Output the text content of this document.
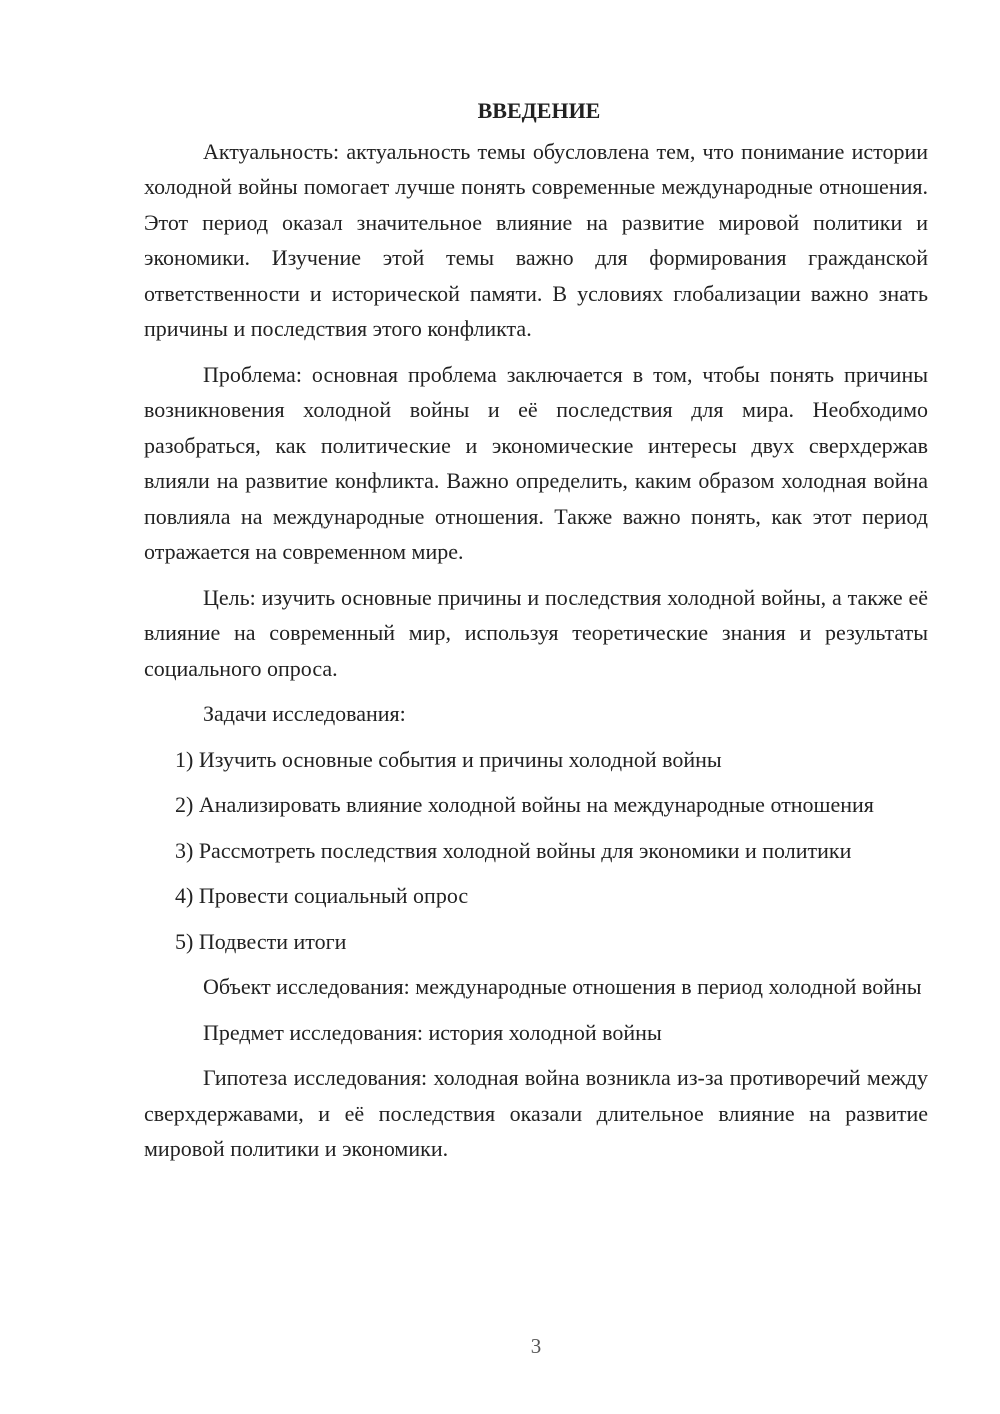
ВВЕДЕНИЕ

Актуальность: актуальность темы обусловлена тем, что понимание истории холодной войны помогает лучше понять современные международные отношения. Этот период оказал значительное влияние на развитие мировой политики и экономики. Изучение этой темы важно для формирования гражданской ответственности и исторической памяти. В условиях глобализации важно знать причины и последствия этого конфликта.

Проблема: основная проблема заключается в том, чтобы понять причины возникновения холодной войны и её последствия для мира. Необходимо разобраться, как политические и экономические интересы двух сверхдержав влияли на развитие конфликта. Важно определить, каким образом холодная война повлияла на международные отношения. Также важно понять, как этот период отражается на современном мире.

Цель: изучить основные причины и последствия холодной войны, а также её влияние на современный мир, используя теоретические знания и результаты социального опроса.

Задачи исследования:

1) Изучить основные события и причины холодной войны

2) Анализировать влияние холодной войны на международные отношения

3) Рассмотреть последствия холодной войны для экономики и политики

4) Провести социальный опрос

5) Подвести итоги

Объект исследования: международные отношения в период холодной войны

Предмет исследования: история холодной войны

Гипотеза исследования: холодная война возникла из-за противоречий между сверхдержавами, и её последствия оказали длительное влияние на развитие мировой политики и экономики.

3
